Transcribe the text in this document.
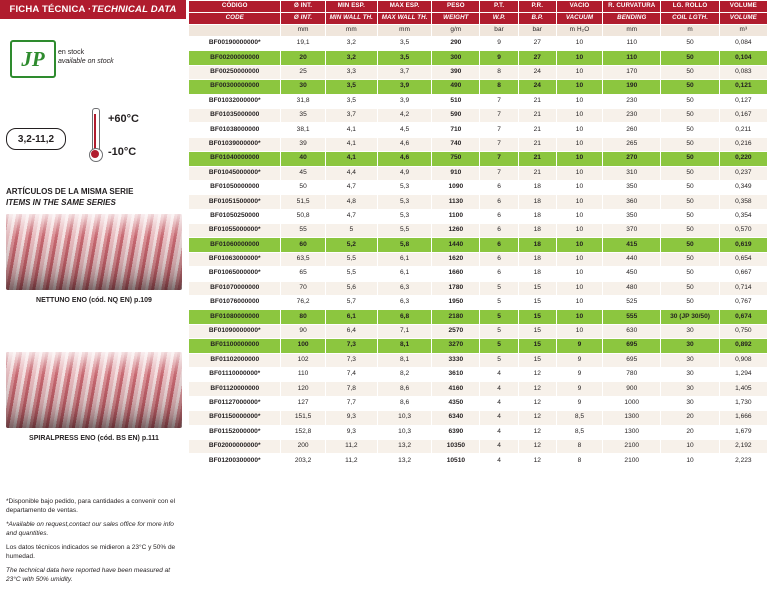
FICHA TÉCNICA · TECHNICAL DATA
JP en stock
available on stock
3,2-11,2
+60°C
-10°C
ARTÍCULOS DE LA MISMA SERIE
ITEMS IN THE SAME SERIES
NETTUNO ENO (cód. NQ EN) p.109
SPIRALPRESS ENO (cód. BS EN) p.111

*Disponible bajo pedido, para cantidades a convenir con el departamento de ventas.

*Available on request,contact our sales office for more info and quantities.

Los datos técnicos indicados se midieron a 23°C y 50% de humedad.

The technical data here reported have been measured at 23°C with 50% umidity.

CÓDIGO	Ø INT.	MIN ESP.	MAX ESP.	PESO	P.T.	P.R.	VACIO	R. CURVATURA	LG. ROLLO	VOLUME
CODE	Ø INT.	MIN WALL TH.	MAX WALL TH.	WEIGHT	W.P.	B.P.	VACUUM	BENDING	COIL LGTH.	VOLUME
	mm	mm	mm	g/m	bar	bar	m H₂O	mm	m	m³
BF00190000000*	19,1	3,2	3,5	290	9	27	10	110	50	0,084
BF00200000000	20	3,2	3,5	300	9	27	10	110	50	0,104
BF00250000000	25	3,3	3,7	390	8	24	10	170	50	0,083
BF00300000000	30	3,5	3,9	490	8	24	10	190	50	0,121
BF01032000000*	31,8	3,5	3,9	510	7	21	10	230	50	0,127
BF01035000000	35	3,7	4,2	590	7	21	10	230	50	0,167
BF01038000000	38,1	4,1	4,5	710	7	21	10	260	50	0,211
BF01039000000*	39	4,1	4,6	740	7	21	10	265	50	0,216
BF01040000000	40	4,1	4,6	750	7	21	10	270	50	0,220
BF01045000000*	45	4,4	4,9	910	7	21	10	310	50	0,237
BF01050000000	50	4,7	5,3	1090	6	18	10	350	50	0,349
BF01051500000*	51,5	4,8	5,3	1130	6	18	10	360	50	0,358
BF01050250000	50,8	4,7	5,3	1100	6	18	10	350	50	0,354
BF01055000000*	55	5	5,5	1260	6	18	10	370	50	0,570
BF01060000000	60	5,2	5,8	1440	6	18	10	415	50	0,619
BF01063000000*	63,5	5,5	6,1	1620	6	18	10	440	50	0,654
BF01065000000*	65	5,5	6,1	1660	6	18	10	450	50	0,667
BF01070000000	70	5,6	6,3	1780	5	15	10	480	50	0,714
BF01076000000	76,2	5,7	6,3	1950	5	15	10	525	50	0,767
BF01080000000	80	6,1	6,8	2180	5	15	10	555	30 (JP 30/50)	0,674
BF01090000000*	90	6,4	7,1	2570	5	15	10	630	30	0,750
BF01100000000	100	7,3	8,1	3270	5	15	9	695	30	0,892
BF01102000000	102	7,3	8,1	3330	5	15	9	695	30	0,908
BF01110000000*	110	7,4	8,2	3610	4	12	9	780	30	1,294
BF01120000000	120	7,8	8,6	4160	4	12	9	900	30	1,405
BF01127000000*	127	7,7	8,6	4350	4	12	9	1000	30	1,730
BF01150000000*	151,5	9,3	10,3	6340	4	12	8,5	1300	20	1,666
BF01152000000*	152,8	9,3	10,3	6390	4	12	8,5	1300	20	1,679
BF02000000000*	200	11,2	13,2	10350	4	12	8	2100	10	2,192
BF01200300000*	203,2	11,2	13,2	10510	4	12	8	2100	10	2,223
